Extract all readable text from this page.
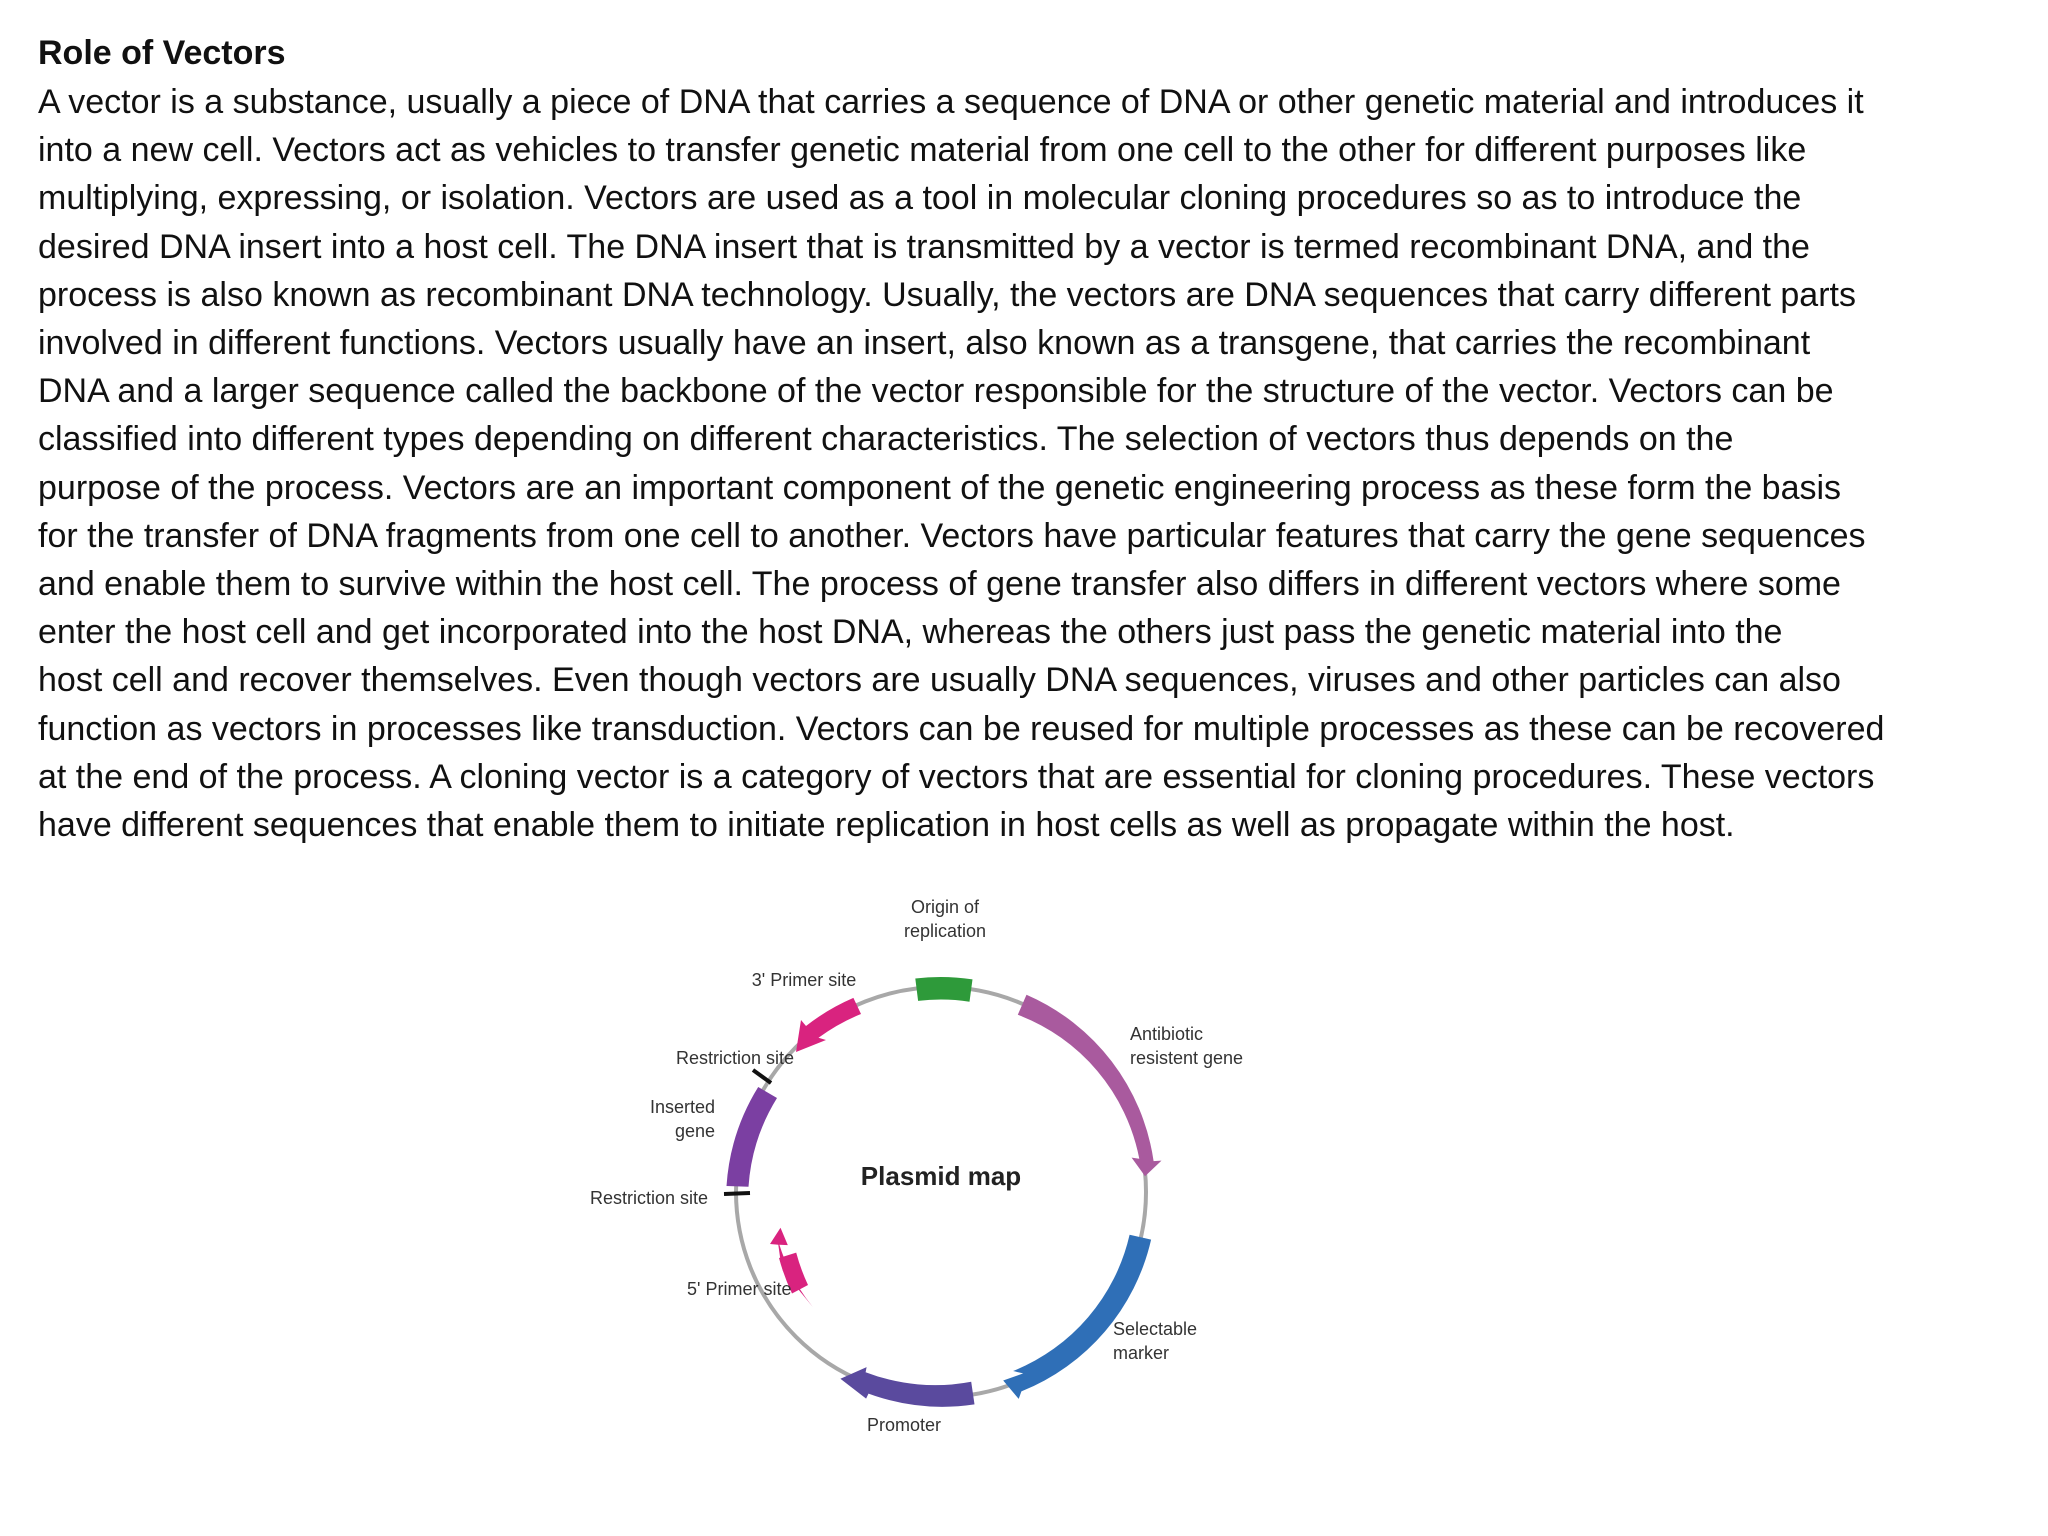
Role of Vectors
A vector is a substance, usually a piece of DNA that carries a sequence of DNA or other genetic material and introduces it
into a new cell. Vectors act as vehicles to transfer genetic material from one cell to the other for different purposes like
multiplying, expressing, or isolation. Vectors are used as a tool in molecular cloning procedures so as to introduce the
desired DNA insert into a host cell. The DNA insert that is transmitted by a vector is termed recombinant DNA, and the
process is also known as recombinant DNA technology. Usually, the vectors are DNA sequences that carry different parts
involved in different functions. Vectors usually have an insert, also known as a transgene, that carries the recombinant
DNA and a larger sequence called the backbone of the vector responsible for the structure of the vector. Vectors can be
classified into different types depending on different characteristics. The selection of vectors thus depends on the
purpose of the process. Vectors are an important component of the genetic engineering process as these form the basis
for the transfer of DNA fragments from one cell to another. Vectors have particular features that carry the gene sequences
and enable them to survive within the host cell. The process of gene transfer also differs in different vectors where some
enter the host cell and get incorporated into the host DNA, whereas the others just pass the genetic material into the
host cell and recover themselves. Even though vectors are usually DNA sequences, viruses and other particles can also
function as vectors in processes like transduction. Vectors can be reused for multiple processes as these can be recovered
at the end of the process. A cloning vector is a category of vectors that are essential for cloning procedures. These vectors
have different sequences that enable them to initiate replication in host cells as well as propagate within the host.
Plasmid map
Origin of
replication
3' Primer site
Restriction site
Inserted
gene
Restriction site
5' Primer site
Antibiotic
resistent gene
Selectable
marker
Promoter
